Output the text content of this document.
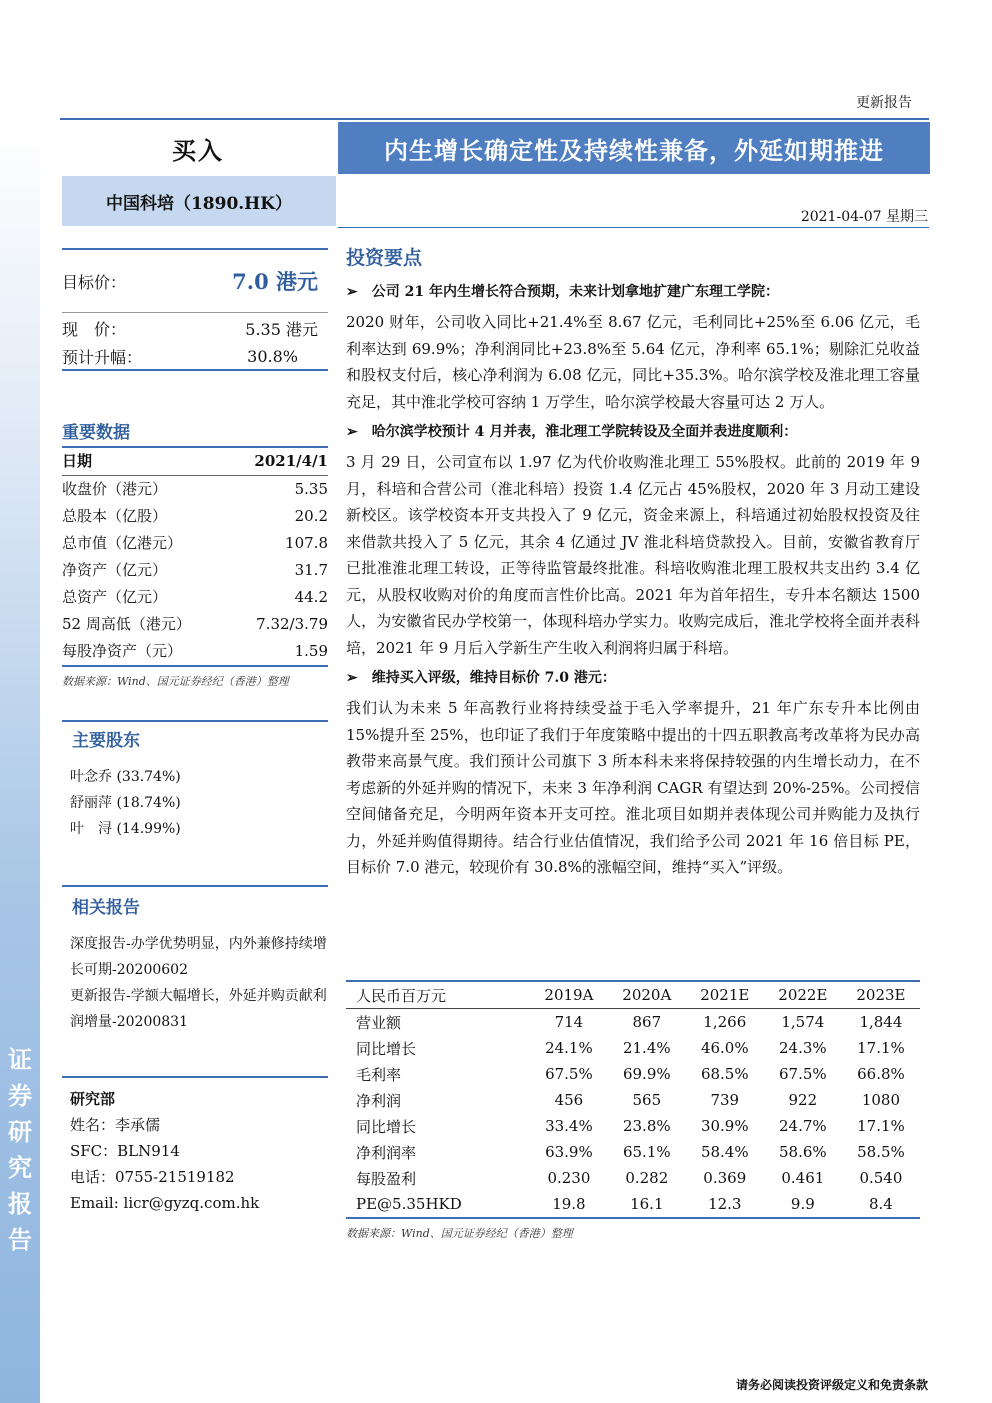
证
券
研
究
报
告
更新报告
买入	内生增长确定性及持续性兼备，外延如期推进
中国科培（1890.HK）
2021-04-07 星期三
目标价：	7.0 港元
现　价：	5.35 港元
预计升幅：	30.8%
重要数据
日期	2021/4/1
收盘价（港元）	5.35
总股本（亿股）	20.2
总市值（亿港元）	107.8
净资产（亿元）	31.7
总资产（亿元）	44.2
52 周高低（港元）	7.32/3.79
每股净资产（元）	1.59
数据来源：Wind、国元证券经纪（香港）整理
主要股东
叶念乔 (33.74%)
舒丽萍 (18.74%)
叶　浔 (14.99%)
相关报告
深度报告-办学优势明显，内外兼修持续增长可期-20200602
更新报告-学额大幅增长，外延并购贡献利润增量-20200831
研究部
姓名：李承儒
SFC：BLN914
电话：0755-21519182
Email: licr@gyzq.com.hk
投资要点
➢ 公司 21 年内生增长符合预期，未来计划拿地扩建广东理工学院：
2020 财年，公司收入同比+21.4%至 8.67 亿元，毛利同比+25%至 6.06 亿元，毛利率达到 69.9%；净利润同比+23.8%至 5.64 亿元，净利率 65.1%；剔除汇兑收益和股权支付后，核心净利润为 6.08 亿元，同比+35.3%。哈尔滨学校及淮北理工容量充足，其中淮北学校可容纳 1 万学生，哈尔滨学校最大容量可达 2 万人。
➢ 哈尔滨学校预计 4 月并表，淮北理工学院转设及全面并表进度顺利：
3 月 29 日，公司宣布以 1.97 亿为代价收购淮北理工 55%股权。此前的 2019 年 9 月，科培和合营公司（淮北科培）投资 1.4 亿元占 45%股权，2020 年 3 月动工建设新校区。该学校资本开支共投入了 9 亿元，资金来源上，科培通过初始股权投资及往来借款共投入了 5 亿元，其余 4 亿通过 JV 淮北科培贷款投入。目前，安徽省教育厅已批准淮北理工转设，正等待监管最终批准。科培收购淮北理工股权共支出约 3.4 亿元，从股权收购对价的角度而言性价比高。2021 年为首年招生，专升本名额达 1500 人，为安徽省民办学校第一，体现科培办学实力。收购完成后，淮北学校将全面并表科培，2021 年 9 月后入学新生产生收入利润将归属于科培。
➢ 维持买入评级，维持目标价 7.0 港元：
我们认为未来 5 年高教行业将持续受益于毛入学率提升，21 年广东专升本比例由 15%提升至 25%，也印证了我们于年度策略中提出的十四五职教高考改革将为民办高教带来高景气度。我们预计公司旗下 3 所本科未来将保持较强的内生增长动力，在不考虑新的外延并购的情况下，未来 3 年净利润 CAGR 有望达到 20%-25%。公司授信空间储备充足，今明两年资本开支可控。淮北项目如期并表体现公司并购能力及执行力，外延并购值得期待。结合行业估值情况，我们给予公司 2021 年 16 倍目标 PE，目标价 7.0 港元，较现价有 30.8%的涨幅空间，维持“买入”评级。
人民币百万元	2019A	2020A	2021E	2022E	2023E
营业额	714	867	1,266	1,574	1,844
同比增长	24.1%	21.4%	46.0%	24.3%	17.1%
毛利率	67.5%	69.9%	68.5%	67.5%	66.8%
净利润	456	565	739	922	1080
同比增长	33.4%	23.8%	30.9%	24.7%	17.1%
净利润率	63.9%	65.1%	58.4%	58.6%	58.5%
每股盈利	0.230	0.282	0.369	0.461	0.540
PE@5.35HKD	19.8	16.1	12.3	9.9	8.4
数据来源：Wind、国元证券经纪（香港）整理
请务必阅读投资评级定义和免责条款
